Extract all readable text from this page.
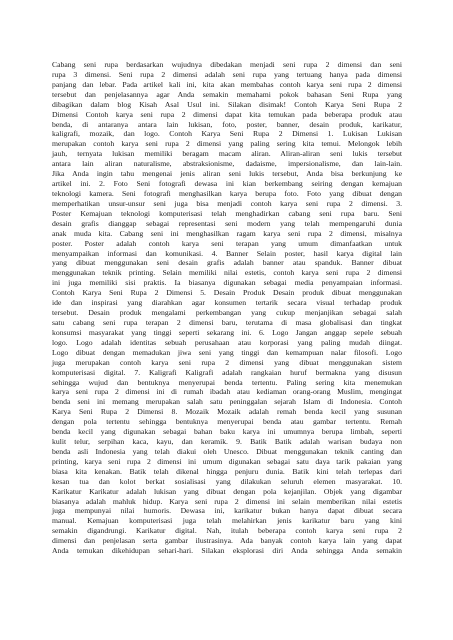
Cabang seni rupa berdasarkan wujudnya dibedakan menjadi seni rupa 2 dimensi dan seni
rupa 3 dimensi. Seni rupa 2 dimensi adalah seni rupa yang tertuang hanya pada dimensi
panjang dan lebar. Pada artikel kali ini, kita akan membahas contoh karya seni rupa 2 dimensi
tersebut dan penjelasannya agar Anda semakin memahami pokok bahasan Seni Rupa yang
dibagikan dalam blog Kisah Asal Usul ini. Silakan disimak! Contoh Karya Seni Rupa 2
Dimensi Contoh karya seni rupa 2 dimensi dapat kita temukan pada beberapa produk atau
benda, di antaranya antara lain lukisan, foto, poster, banner, desain produk, karikatur,
kaligrafi, mozaik, dan logo. Contoh Karya Seni Rupa 2 Dimensi 1. Lukisan Lukisan
merupakan contoh karya seni rupa 2 dimensi yang paling sering kita temui. Melongok lebih
jauh, ternyata lukisan memiliki beragam macam aliran. Aliran-aliran seni lukis tersebut
antara lain aliran naturalisme, abstraksionisme, dadaisme, impersionalisme, dan lain-lain.
Jika Anda ingin tahu mengenai jenis aliran seni lukis tersebut, Anda bisa berkunjung ke
artikel ini. 2. Foto Seni fotografi dewasa ini kian berkembang seiring dengan kemajuan
teknologi kamera. Seni fotografi menghasilkan karya berupa foto. Foto yang dibuat dengan
memperhatikan unsur-unsur seni juga bisa menjadi contoh karya seni rupa 2 dimensi. 3.
Poster Kemajuan teknologi komputerisasi telah menghadirkan cabang seni rupa baru. Seni
desain grafis dianggap sebagai representasi seni modern yang telah mempengaruhi dunia
anak muda kita. Cabang seni ini menghasilkan ragam karya seni rupa 2 dimensi, misalnya
poster. Poster adalah contoh karya seni terapan yang umum dimanfaatkan untuk
menyampaikan informasi dan komunikasi. 4. Banner Selain poster, hasil karya digital lain
yang dibuat menggunakan seni desain grafis adalah banner atau spanduk. Banner dibuat
menggunakan teknik printing. Selain memiliki nilai estetis, contoh karya seni rupa 2 dimensi
ini juga memiliki sisi praktis. Ia biasanya digunakan sebagai media penyampaian informasi.
Contoh Karya Seni Rupa 2 Dimensi 5. Desain Produk Desain produk dibuat menggunakan
ide dan inspirasi yang diarahkan agar konsumen tertarik secara visual terhadap produk
tersebut. Desain produk mengalami perkembangan yang cukup menjanjikan sebagai salah
satu cabang seni rupa terapan 2 dimensi baru, terutama di masa globalisasi dan tingkat
konsumsi masyarakat yang tinggi seperti sekarang ini. 6. Logo Jangan anggap sepele sebuah
logo. Logo adalah identitas sebuah perusahaan atau korporasi yang paling mudah diingat.
Logo dibuat dengan memadukan jiwa seni yang tinggi dan kemampuan nalar filosofi. Logo
juga merupakan contoh karya seni rupa 2 dimensi yang dibuat menggunakan sistem
komputerisasi digital. 7. Kaligrafi Kaligrafi adalah rangkaian huruf bermakna yang disusun
sehingga wujud dan bentuknya menyerupai benda tertentu. Paling sering kita menemukan
karya seni rupa 2 dimensi ini di rumah ibadah atau kediaman orang-orang Muslim, mengingat
benda seni ini memang merupakan salah satu peninggalan sejarah Islam di Indonesia. Contoh
Karya Seni Rupa 2 Dimensi 8. Mozaik Mozaik adalah remah benda kecil yang susunan
dengan pola tertentu sehingga bentuknya menyerupai benda atau gambar tertentu. Remah
benda kecil yang digunakan sebagai bahan baku karya ini umumnya berupa limbah, seperti
kulit telur, serpihan kaca, kayu, dan keramik. 9. Batik Batik adalah warisan budaya non
benda asli Indonesia yang telah diakui oleh Unesco. Dibuat menggunakan teknik canting dan
printing, karya seni rupa 2 dimensi ini umum digunakan sebagai satu daya tarik pakaian yang
biasa kita kenakan. Batik telah dikenal hingga penjuru dunia. Batik kini telah terlepas dari
kesan tua dan kolot berkat sosialisasi yang dilakukan seluruh elemen masyarakat. 10.
Karikatur Karikatur adalah lukisan yang dibuat dengan pola kejanjilan. Objek yang digambar
biasanya adalah mahluk hidup. Karya seni rupa 2 dimensi ini selain memberikan nilai estetis
juga mempunyai nilai humoris. Dewasa ini, karikatur bukan hanya dapat dibuat secara
manual. Kemajuan komputerisasi juga telah melahirkan jenis karikatur baru yang kini
semakin digandrungi. Karikatur digital. Nah, itulah beberapa contoh karya seni rupa 2
dimensi dan penjelasan serta gambar ilustrasinya. Ada banyak contoh karya lain yang dapat
Anda temukan dikehidupan sehari-hari. Silakan eksplorasi diri Anda sehingga Anda semakin
